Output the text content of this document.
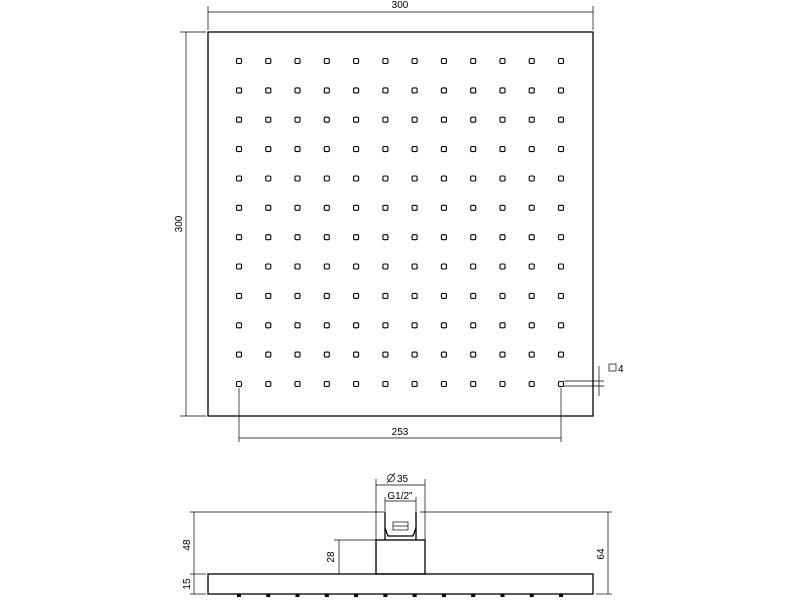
300
300
253
4
35
G1/2"
64
48
15
28
